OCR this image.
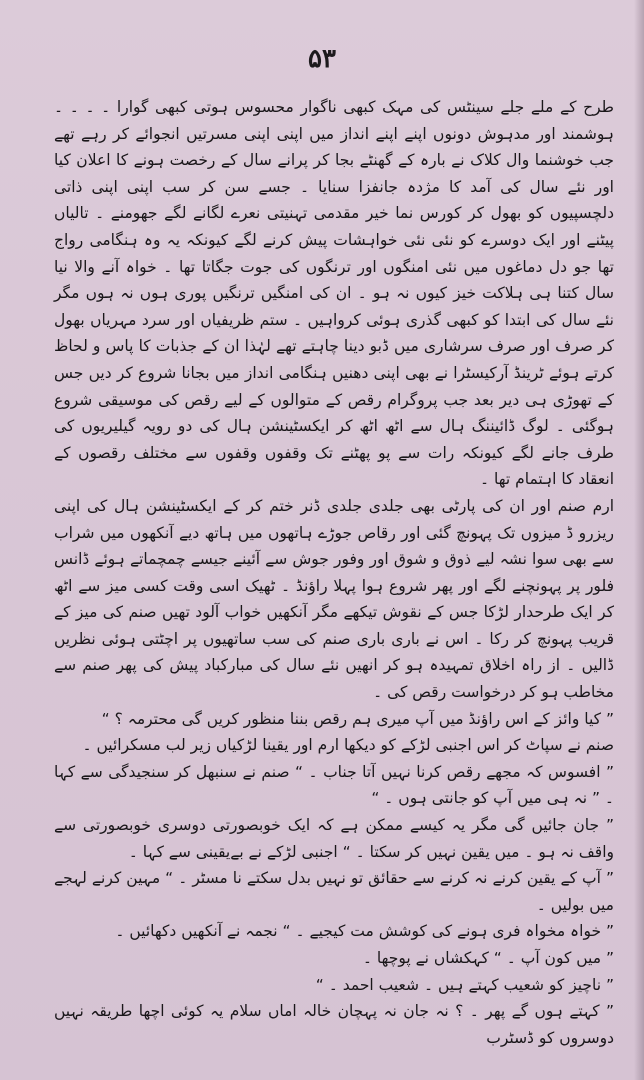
۵۳

طرح کے ملے جلے سینٹس کی مہک کبھی ناگوار محسوس ہوتی کبھی گوارا ۔ ۔ ۔ ۔ ہوشمند اور مدہوش دونوں اپنے اپنے انداز میں اپنی اپنی مسرتیں انجوائے کر رہے تھے جب خوشنما وال کلاک نے بارہ کے گھنٹے بجا کر پرانے سال کے رخصت ہونے کا اعلان کیا اور نئے سال کی آمد کا مژدہ جانفزا سنایا ۔ جسے سن کر سب اپنی اپنی ذاتی دلچسپیوں کو بھول کر کورس نما خیر مقدمی تہنیتی نعرے لگانے لگے جھومنے ۔ تالیاں پیٹنے اور ایک دوسرے کو نئی نئی خواہشات پیش کرنے لگے کیونکہ یہ وہ ہنگامی رواج تھا جو دل دماغوں میں نئی امنگوں اور ترنگوں کی جوت جگاتا تھا ۔ خواہ آنے والا نیا سال کتنا ہی ہلاکت خیز کیوں نہ ہو ۔ ان کی امنگیں ترنگیں پوری ہوں نہ ہوں مگر نئے سال کی ابتدا کو کبھی گذری ہوئی کرواہیں ۔ ستم ظریفیاں اور سرد مہریاں بھول کر صرف اور صرف سرشاری میں ڈبو دینا چاہتے تھے لہٰذا ان کے جذبات کا پاس و لحاظ کرتے ہوئے ٹرینڈ آرکیسٹرا نے بھی اپنی دھنیں ہنگامی انداز میں بجانا شروع کر دیں جس کے تھوڑی ہی دیر بعد جب پروگرام رقص کے متوالوں کے لیے رقص کی موسیقی شروع ہوگئی ۔ لوگ ڈائیننگ ہال سے اٹھ اٹھ کر ایکسٹینشن ہال کی دو رویہ گیلیریوں کی طرف جانے لگے کیونکہ رات سے پو پھٹنے تک وقفوں وقفوں سے مختلف رقصوں کے انعقاد کا اہتمام تھا ۔

ارم صنم اور ان کی پارٹی بھی جلدی جلدی ڈنر ختم کر کے ایکسٹینشن ہال کی اپنی ریزرو ڈ میزوں تک پہونچ گئی اور رقاص جوڑے ہاتھوں میں ہاتھ دیے آنکھوں میں شراب سے بھی سوا نشہ لیے ذوق و شوق اور وفور جوش سے آئینے جیسے چمچماتے ہوئے ڈانس فلور پر پہونچنے لگے اور پھر شروع ہوا پہلا راؤنڈ ۔ ٹھیک اسی وقت کسی میز سے اٹھ کر ایک طرحدار لڑکا جس کے نقوش تیکھے مگر آنکھیں خواب آلود تھیں صنم کی میز کے قریب پہونچ کر رکا ۔ اس نے باری باری صنم کی سب ساتھیوں پر اچٹتی ہوئی نظریں ڈالیں ۔ از راہ اخلاق تمہیدہ ہو کر انھیں نئے سال کی مبارکباد پیش کی پھر صنم سے مخاطب ہو کر درخواست رقص کی ۔

” کیا وائز کے اس راؤنڈ میں آپ میری ہم رقص بننا منظور کریں گی محترمہ ؟ “

صنم نے سپاٹ کر اس اجنبی لڑکے کو دیکھا ارم اور یقینا لڑکیاں زیر لب مسکرائیں ۔

” افسوس کہ مجھے رقص کرنا نہیں آتا جناب ۔ “ صنم نے سنبھل کر سنجیدگی سے کہا ۔ ” نہ ہی میں آپ کو جانتی ہوں ۔ “

” جان جائیں گی مگر یہ کیسے ممکن ہے کہ ایک خوبصورتی دوسری خوبصورتی سے واقف نہ ہو ۔ میں یقین نہیں کر سکتا ۔ “ اجنبی لڑکے نے بےیقینی سے کہا ۔

” آپ کے یقین کرنے نہ کرنے سے حقائق تو نہیں بدل سکتے نا مسٹر ۔ “ مہین کرنے لہجے میں بولیں ۔

” خواہ مخواہ فری ہونے کی کوشش مت کیجیے ۔ “ نجمہ نے آنکھیں دکھائیں ۔

” میں کون آپ ۔ “ کہکشاں نے پوچھا ۔

” ناچیز کو شعیب کہتے ہیں ۔ شعیب احمد ۔ “

” کہتے ہوں گے پھر ۔ ؟ نہ جان نہ پہچان خالہ اماں سلام یہ کوئی اچھا طریقہ نہیں دوسروں کو ڈسٹرب
